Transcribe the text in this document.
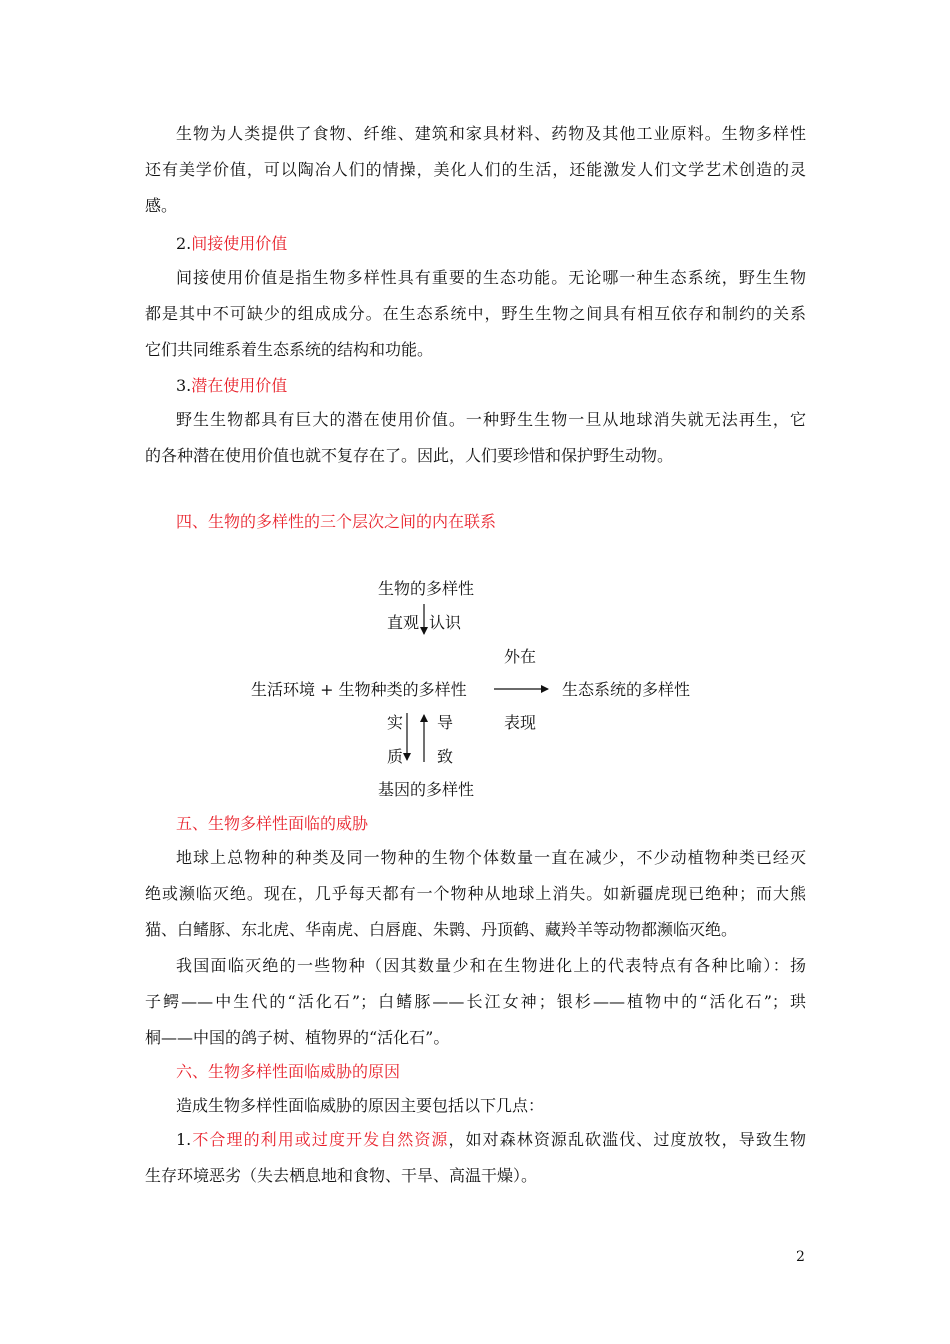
生物为人类提供了食物、纤维、建筑和家具材料、药物及其他工业原料。生物多样性
还有美学价值，可以陶冶人们的情操，美化人们的生活，还能激发人们文学艺术创造的灵
感。
2.间接使用价值
间接使用价值是指生物多样性具有重要的生态功能。无论哪一种生态系统，野生生物
都是其中不可缺少的组成成分。在生态系统中，野生生物之间具有相互依存和制约的关系
它们共同维系着生态系统的结构和功能。
3.潜在使用价值
野生生物都具有巨大的潜在使用价值。一种野生生物一旦从地球消失就无法再生，它
的各种潜在使用价值也就不复存在了。因此，人们要珍惜和保护野生动物。
四、生物的多样性的三个层次之间的内在联系
生物的多样性
直观 认识
外在
生活环境 + 生物种类的多样性	生态系统的多样性
实 导	表现
质 致
基因的多样性
五、生物多样性面临的威胁
地球上总物种的种类及同一物种的生物个体数量一直在减少，不少动植物种类已经灭
绝或濒临灭绝。现在，几乎每天都有一个物种从地球上消失。如新疆虎现已绝种；而大熊
猫、白鳍豚、东北虎、华南虎、白唇鹿、朱鹮、丹顶鹤、藏羚羊等动物都濒临灭绝。
我国面临灭绝的一些物种（因其数量少和在生物进化上的代表特点有各种比喻）：扬
子鳄——中生代的“活化石”；白鳍豚——长江女神；银杉——植物中的“活化石”；珙
桐——中国的鸽子树、植物界的“活化石”。
六、生物多样性面临威胁的原因
造成生物多样性面临威胁的原因主要包括以下几点：
1.不合理的利用或过度开发自然资源，如对森林资源乱砍滥伐、过度放牧，导致生物
生存环境恶劣（失去栖息地和食物、干旱、高温干燥）。
2
